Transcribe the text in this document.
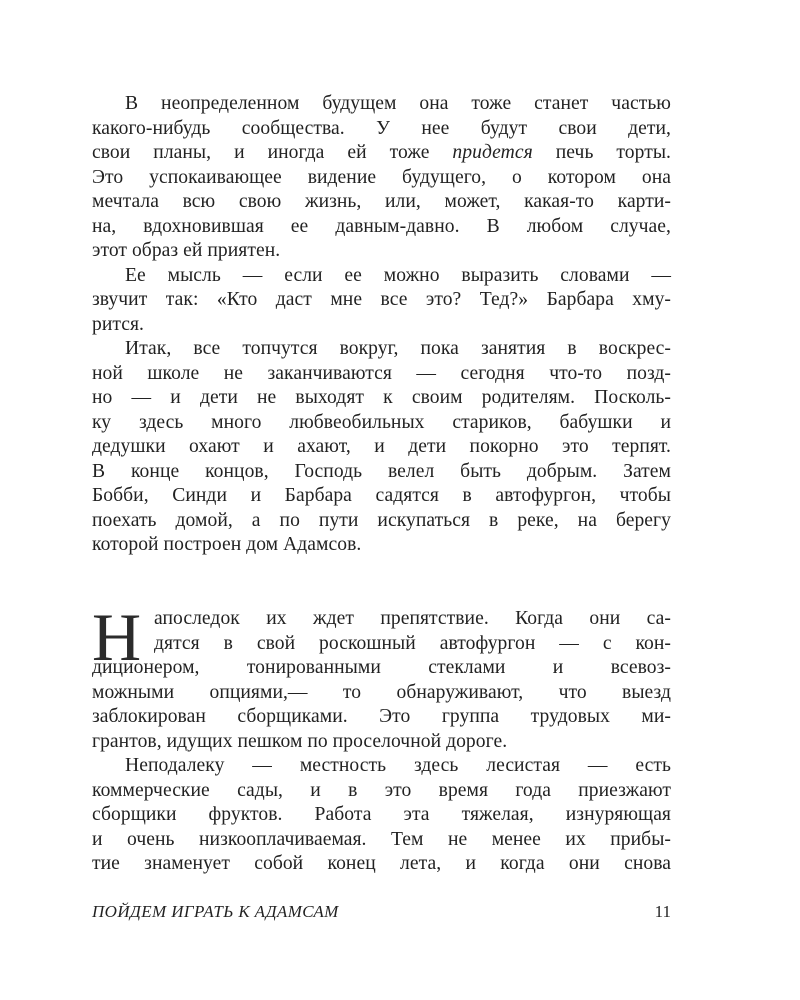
В неопределенном будущем она тоже станет частью
какого-нибудь сообщества. У нее будут свои дети,
свои планы, и иногда ей тоже придется печь торты.
Это успокаивающее видение будущего, о котором она
мечтала всю свою жизнь, или, может, какая-то карти-
на, вдохновившая ее давным-давно. В любом случае,
этот образ ей приятен.
Ее мысль — если ее можно выразить словами —
звучит так: «Кто даст мне все это? Тед?» Барбара хму-
рится.
Итак, все топчутся вокруг, пока занятия в воскрес-
ной школе не заканчиваются — сегодня что-то позд-
но — и дети не выходят к своим родителям. Посколь-
ку здесь много любвеобильных стариков, бабушки и
дедушки охают и ахают, и дети покорно это терпят.
В конце концов, Господь велел быть добрым. Затем
Бобби, Синди и Барбара садятся в автофургон, чтобы
поехать домой, а по пути искупаться в реке, на берегу
которой построен дом Адамсов.
Н апоследок их ждет препятствие. Когда они са-
дятся в свой роскошный автофургон — с кон-
диционером, тонированными стеклами и всевоз-
можными опциями,— то обнаруживают, что выезд
заблокирован сборщиками. Это группа трудовых ми-
грантов, идущих пешком по проселочной дороге.
Неподалеку — местность здесь лесистая — есть
коммерческие сады, и в это время года приезжают
сборщики фруктов. Работа эта тяжелая, изнуряющая
и очень низкооплачиваемая. Тем не менее их прибы-
тие знаменует собой конец лета, и когда они снова
ПОЙДЕМ ИГРАТЬ К АДАМСАМ	11
